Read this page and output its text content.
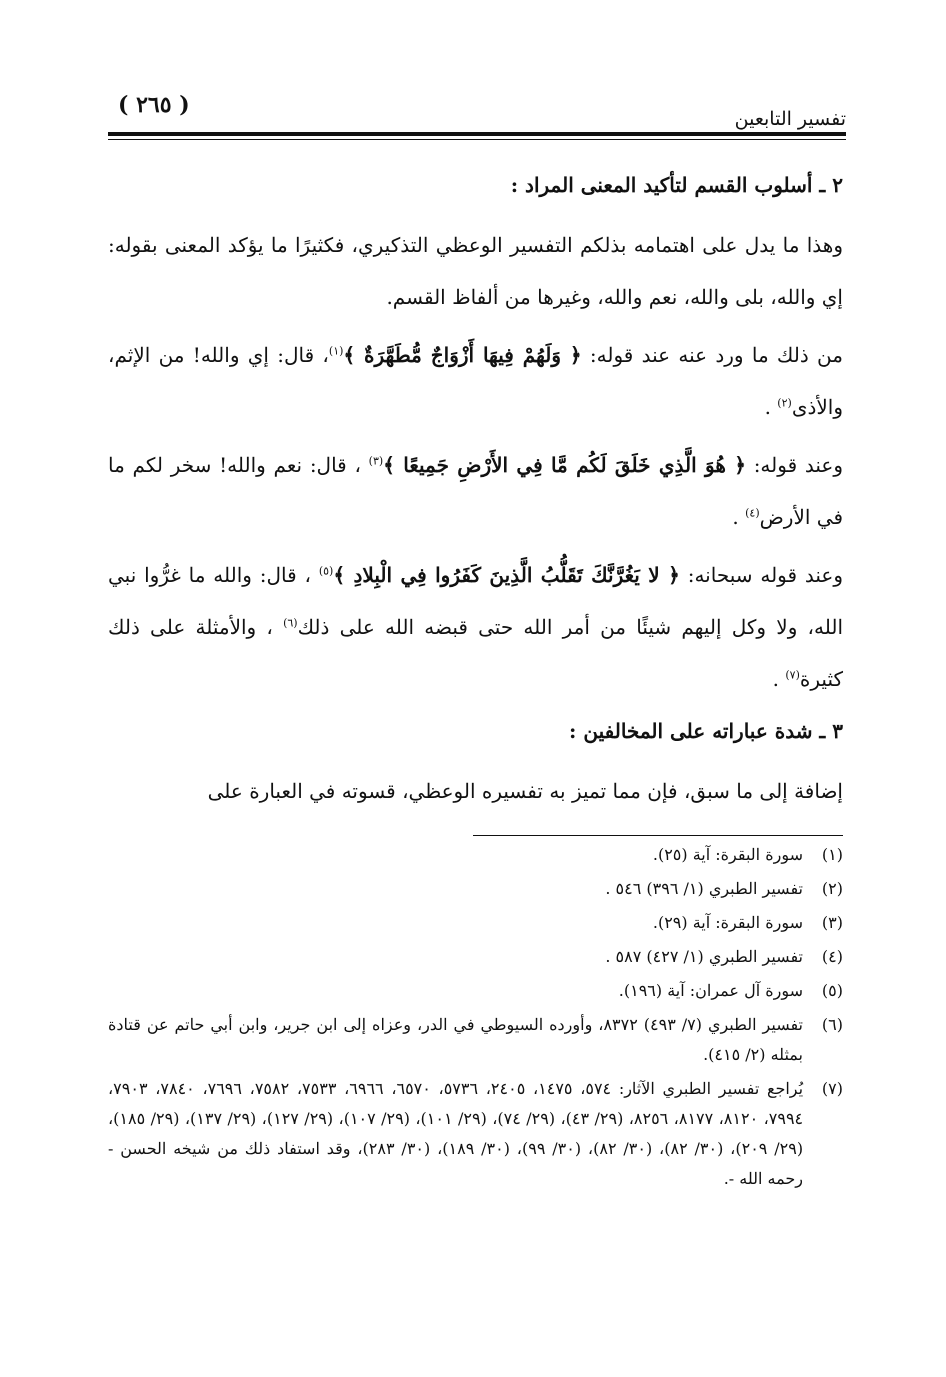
( ٢٦٥ )
تفسير التابعين

٢ ـ أسلوب القسم لتأكيد المعنى المراد :

وهذا ما يدل على اهتمامه بذلكم التفسير الوعظي التذكيري، فكثيرًا ما يؤكد المعنى بقوله: إي والله، بلى والله، نعم والله، وغيرها من ألفاظ القسم.

من ذلك ما ورد عنه عند قوله: ﴿ وَلَهُمْ فِيهَا أَزْوَاجٌ مُّطَهَّرَةٌ ﴾$^{(١)}$، قال: إي والله! من الإثم، والأذى$^{(٢)}$ .

وعند قوله: ﴿ هُوَ الَّذِي خَلَقَ لَكُم مَّا فِي الأَرْضِ جَمِيعًا ﴾$^{(٣)}$ ، قال: نعم والله! سخر لكم ما في الأرض$^{(٤)}$ .

وعند قوله سبحانه: ﴿ لا يَغُرَّنَّكَ تَقَلُّبُ الَّذِينَ كَفَرُوا فِي الْبِلادِ ﴾$^{(٥)}$ ، قال: والله ما غرُّوا نبي الله، ولا وكل إليهم شيئًا من أمر الله حتى قبضه الله على ذلك$^{(٦)}$ ، والأمثلة على ذلك كثيرة$^{(٧)}$ .

٣ ـ شدة عباراته على المخالفين :

إضافة إلى ما سبق، فإن مما تميز به تفسيره الوعظي، قسوته في العبارة على

(١)
سورة البقرة: آية (٢٥).
(٢)
تفسير الطبري (١/ ٣٩٦) ٥٤٦ .
(٣)
سورة البقرة: آية (٢٩).
(٤)
تفسير الطبري (١/ ٤٢٧) ٥٨٧ .
(٥)
سورة آل عمران: آية (١٩٦).
(٦)
تفسير الطبري (٧/ ٤٩٣) ٨٣٧٢، وأورده السيوطي في الدر، وعزاه إلى ابن جرير، وابن أبي حاتم عن قتادة بمثله (٢/ ٤١٥).
(٧)
يُراجع تفسير الطبري الآثار: ٥٧٤، ١٤٧٥، ٢٤٠٥، ٥٧٣٦، ٦٥٧٠، ٦٩٦٦، ٧٥٣٣، ٧٥٨٢، ٧٦٩٦، ٧٨٤٠، ٧٩٠٣، ٧٩٩٤، ٨١٢٠، ٨١٧٧، ٨٢٥٦، (٢٩/ ٤٣)، (٢٩/ ٧٤)، (٢٩/ ١٠١)، (٢٩/ ١٠٧)، (٢٩/ ١٢٧)، (٢٩/ ١٣٧)، (٢٩/ ١٨٥)، (٢٩/ ٢٠٩)، (٣٠/ ٨٢)، (٣٠/ ٨٢)، (٣٠/ ٩٩)، (٣٠/ ١٨٩)، (٣٠/ ٢٨٣)، وقد استفاد ذلك من شيخه الحسن - رحمه الله -.
